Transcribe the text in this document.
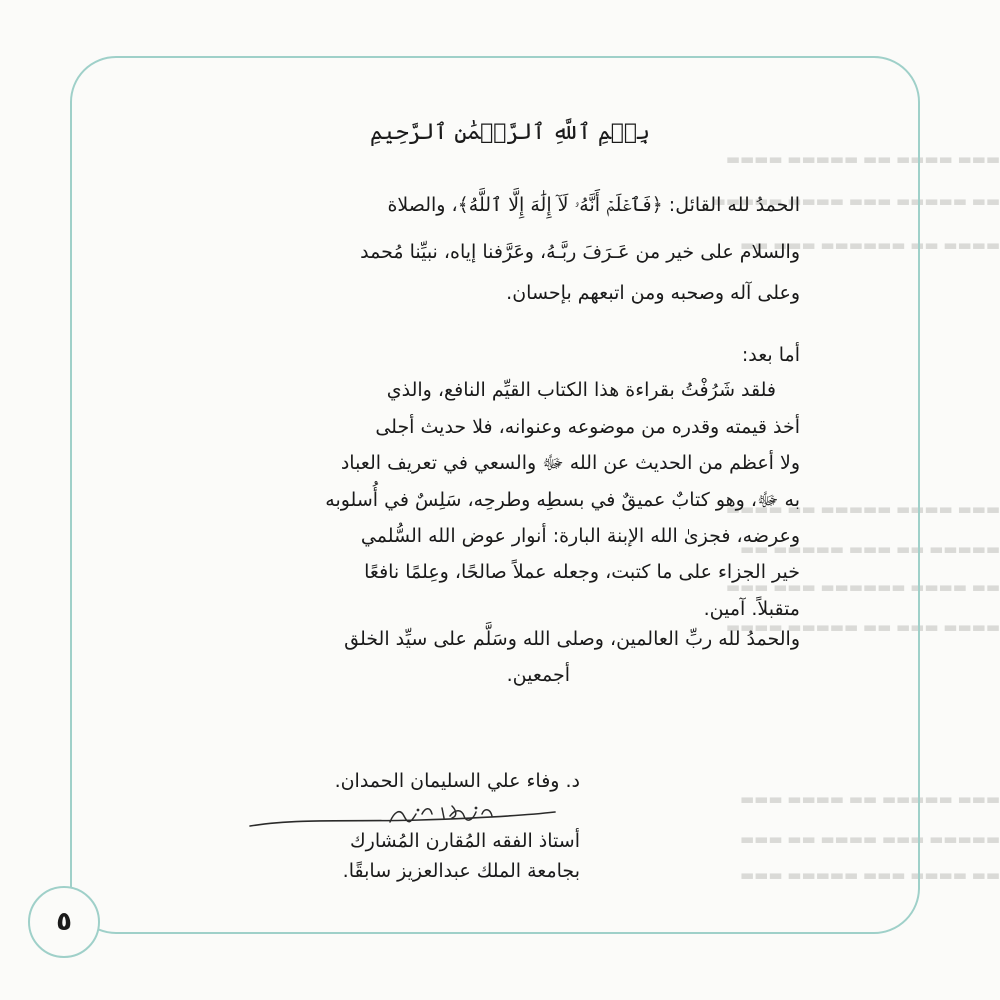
▬▬▬ ▬▬▬▬ ▬▬ ▬▬▬▬▬ ▬▬▬▬
▬▬ ▬▬▬▬▬ ▬▬▬ ▬▬▬▬ ▬▬▬▬▬
▬▬▬▬ ▬▬ ▬▬▬▬▬▬ ▬▬▬ ▬▬
▬▬▬ ▬▬▬▬ ▬▬▬▬▬ ▬▬ ▬▬▬▬
▬▬▬▬▬ ▬▬ ▬▬▬ ▬▬▬▬▬ ▬▬
▬▬ ▬▬▬▬ ▬▬▬▬▬▬ ▬▬▬ ▬▬▬
▬▬▬▬ ▬▬▬ ▬▬ ▬▬▬▬▬ ▬▬▬▬
▬▬▬ ▬▬▬▬▬ ▬▬ ▬▬▬▬ ▬▬▬
▬▬▬▬▬ ▬▬▬ ▬▬▬▬ ▬▬ ▬▬▬
▬▬ ▬▬▬▬ ▬▬▬ ▬▬▬▬▬ ▬▬▬
بِسۡمِ ٱللَّهِ ٱلرَّحۡمَٰنِ ٱلرَّحِيمِ
الحمدُ لله القائل: ﴿فَٱعۡلَمۡ أَنَّهُۥ لَآ إِلَٰهَ إِلَّا ٱللَّهُ﴾، والصلاة
والسلام على خير من عَـرَفَ ربَّـهُ، وعَرَّفنا إياه، نبيِّنا مُحمد
وعلى آله وصحبه ومن اتبعهم بإحسان.
أما بعد:
فلقد شَرُفْتُ بقراءة هذا الكتاب القيِّم النافع، والذي
أخذ قيمته وقدره من موضوعه وعنوانه، فلا حديث أجلى
ولا أعظم من الحديث عن الله ﷻ والسعي في تعريف العباد
به ﷻ، وهو كتابٌ عميقٌ في بسطِه وطرحِه، سَلِسٌ في أُسلوبه
وعرضه، فجزىٰ الله الإبنة البارة: أنوار عوض الله السُّلمي
خير الجزاء على ما كتبت، وجعله عملاً صالحًا، وعِلمًا نافعًا
متقبلاً. آمين.
والحمدُ لله ربِّ العالمين، وصلى الله وسَلَّم على سيِّد الخلق
أجمعين.
د. وفاء علي السليمان الحمدان.
أستاذ الفقه المُقارن المُشارك
بجامعة الملك عبدالعزيز سابقًا.
٥
